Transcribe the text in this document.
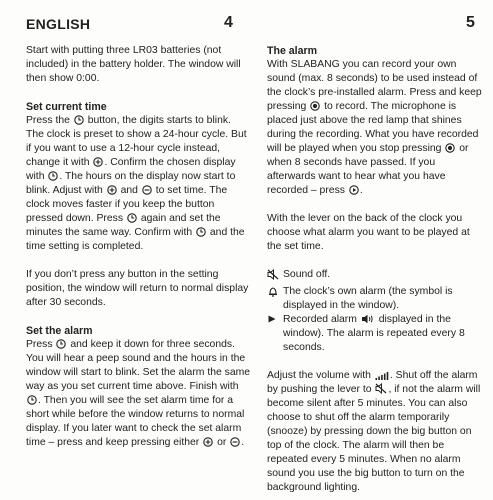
ENGLISH	4	5

Start with putting three LR03 batteries (not included) in the battery holder. The window will then show 0:00.

Set current time

Press the button, the digits starts to blink. The clock is preset to show a 24-hour cycle. But if you want to use a 12-hour cycle instead, change it with . Confirm the chosen display with . The hours on the display now start to blink. Adjust with and to set time. The clock moves faster if you keep the button pressed down. Press again and set the minutes the same way. Confirm with and the time setting is completed.

If you don’t press any button in the setting position, the window will return to normal display after 30 seconds.

Set the alarm

Press and keep it down for three seconds. You will hear a peep sound and the hours in the window will start to blink. Set the alarm the same way as you set current time above. Finish with
. Then you will see the set alarm time for a short while before the window returns to normal display. If you later want to check the set alarm time – press and keep pressing either or .

The alarm

With SLABANG you can record your own sound (max. 8 seconds) to be used instead of the clock’s pre-installed alarm. Press and keep pressing to record. The microphone is placed just above the red lamp that shines during the recording. What you have recorded will be played when you stop pressing or when 8 seconds have passed. If you afterwards want to hear what you have recorded – press .

With the lever on the back of the clock you choose what alarm you want to be played at the set time.

Sound off.
The clock’s own alarm (the symbol is displayed in the window).
Recorded alarm displayed in the window). The alarm is repeated every 8 seconds.

Adjust the volume with . Shut off the alarm by pushing the lever to , if not the alarm will become silent after 5 minutes. You can also choose to shut off the alarm temporarily (snooze) by pressing down the big button on top of the clock. The alarm will then be repeated every 5 minutes. When no alarm sound you use the big button to turn on the background lighting.
